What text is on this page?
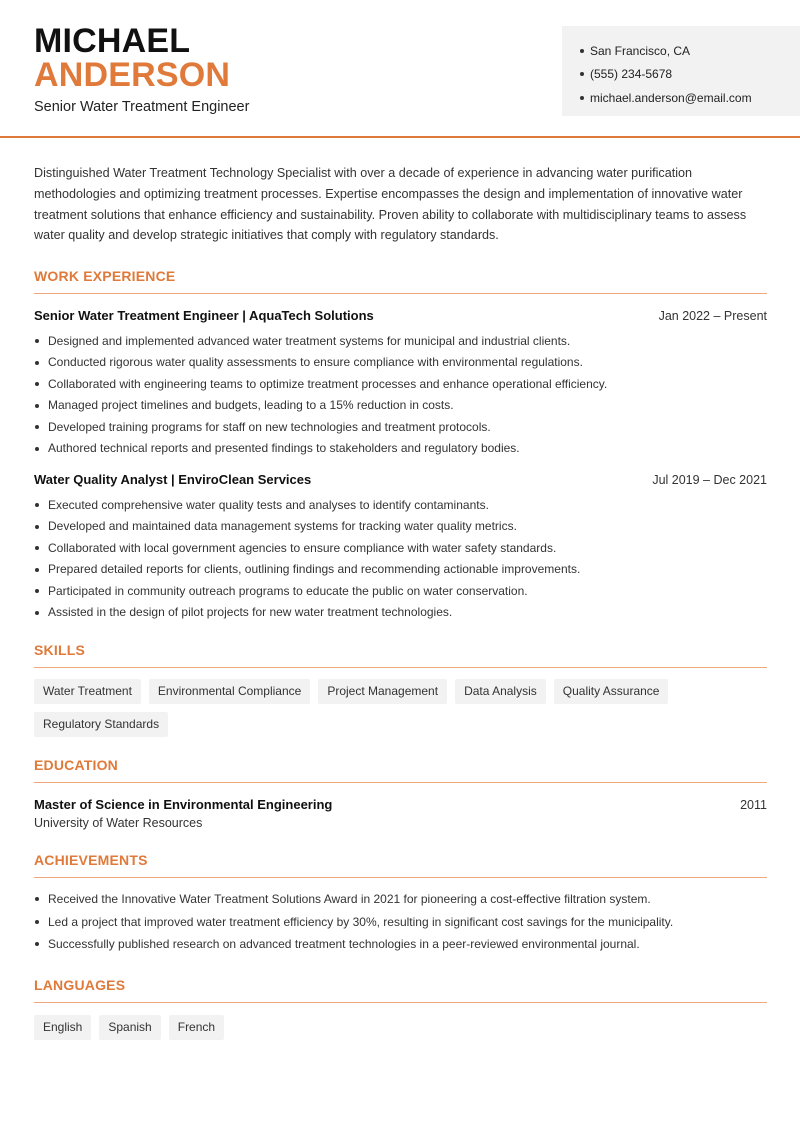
MICHAEL
ANDERSON
Senior Water Treatment Engineer
San Francisco, CA
(555) 234-5678
michael.anderson@email.com
Distinguished Water Treatment Technology Specialist with over a decade of experience in advancing water purification methodologies and optimizing treatment processes. Expertise encompasses the design and implementation of innovative water treatment solutions that enhance efficiency and sustainability. Proven ability to collaborate with multidisciplinary teams to assess water quality and develop strategic initiatives that comply with regulatory standards.
WORK EXPERIENCE
Senior Water Treatment Engineer | AquaTech Solutions	Jan 2022 – Present
Designed and implemented advanced water treatment systems for municipal and industrial clients.
Conducted rigorous water quality assessments to ensure compliance with environmental regulations.
Collaborated with engineering teams to optimize treatment processes and enhance operational efficiency.
Managed project timelines and budgets, leading to a 15% reduction in costs.
Developed training programs for staff on new technologies and treatment protocols.
Authored technical reports and presented findings to stakeholders and regulatory bodies.
Water Quality Analyst | EnviroClean Services	Jul 2019 – Dec 2021
Executed comprehensive water quality tests and analyses to identify contaminants.
Developed and maintained data management systems for tracking water quality metrics.
Collaborated with local government agencies to ensure compliance with water safety standards.
Prepared detailed reports for clients, outlining findings and recommending actionable improvements.
Participated in community outreach programs to educate the public on water conservation.
Assisted in the design of pilot projects for new water treatment technologies.
SKILLS
Water Treatment	Environmental Compliance	Project Management	Data Analysis	Quality Assurance
Regulatory Standards
EDUCATION
Master of Science in Environmental Engineering	2011
University of Water Resources
ACHIEVEMENTS
Received the Innovative Water Treatment Solutions Award in 2021 for pioneering a cost-effective filtration system.
Led a project that improved water treatment efficiency by 30%, resulting in significant cost savings for the municipality.
Successfully published research on advanced treatment technologies in a peer-reviewed environmental journal.
LANGUAGES
English	Spanish	French
